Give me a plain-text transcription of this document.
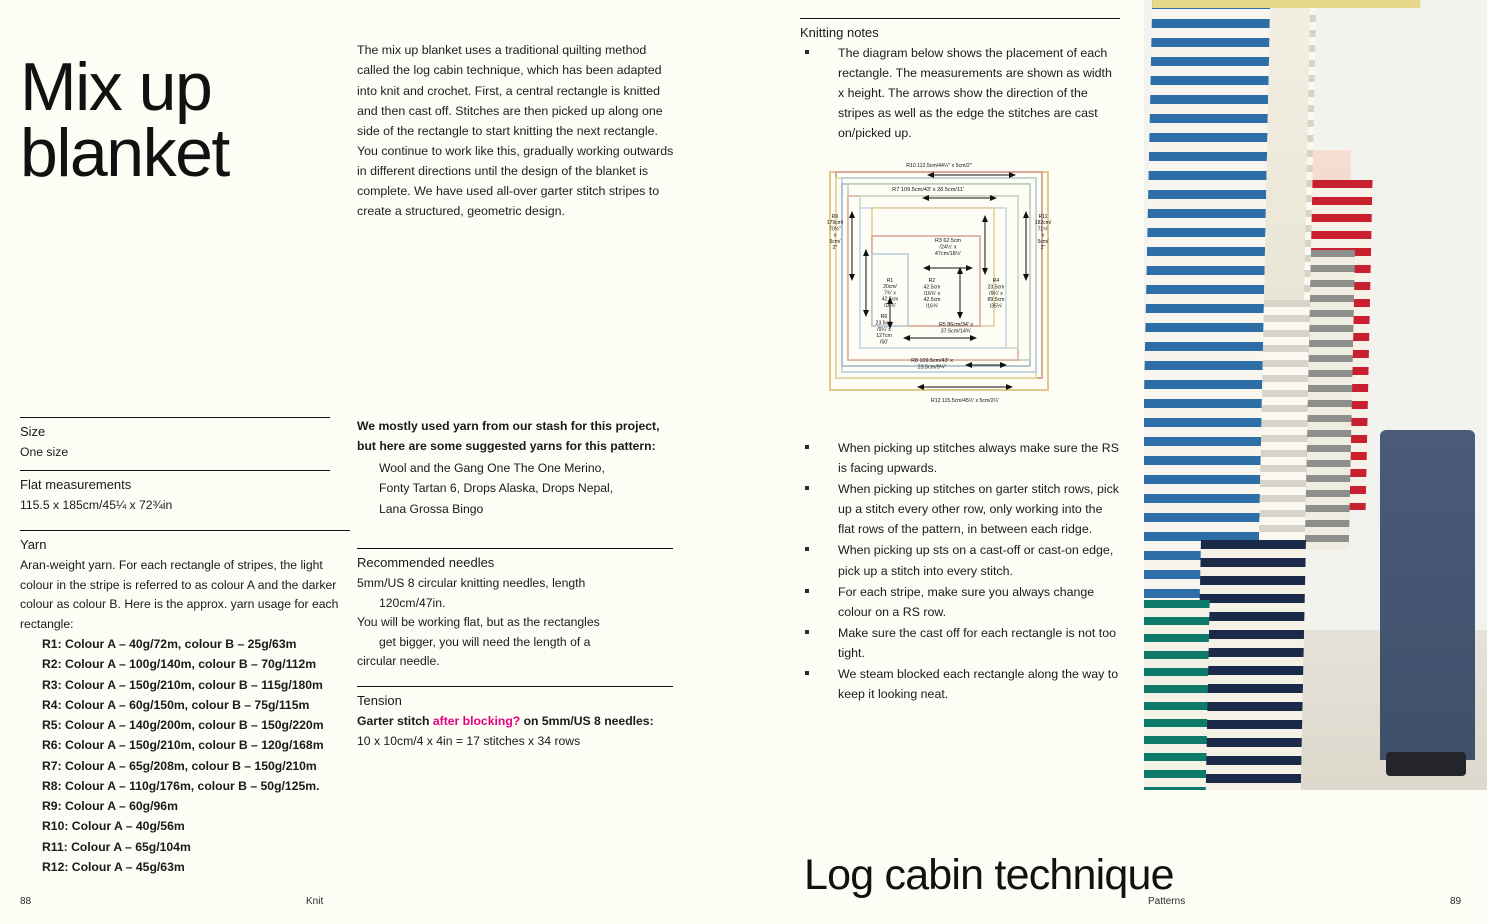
Mix up
blanket

The mix up blanket uses a traditional quilting method called the log cabin technique, which has been adapted into knit and crochet. First, a central rectangle is knitted and then cast off. Stitches are then picked up along one side of the rectangle to start knitting the next rectangle. You continue to work like this, gradually working outwards in different directions until the design of the blanket is complete. We have used all-over garter stitch stripes to create a structured, geometric design.

Size

One size

Flat measurements

115.5 x 185cm/45¼ x 72¾in

Yarn

Aran-weight yarn. For each rectangle of stripes, the light colour in the stripe is referred to as colour A and the darker colour as colour B. Here is the approx. yarn usage for each rectangle:

R1: Colour A – 40g/72m, colour B – 25g/63m
R2: Colour A – 100g/140m, colour B – 70g/112m
R3: Colour A – 150g/210m, colour B – 115g/180m
R4: Colour A – 60g/150m, colour B – 75g/115m
R5: Colour A – 140g/200m, colour B – 150g/220m
R6: Colour A – 150g/210m, colour B – 120g/168m
R7: Colour A – 65g/208m, colour B – 150g/210m
R8: Colour A – 110g/176m, colour B – 50g/125m.
R9: Colour A – 60g/96m
R10: Colour A – 40g/56m
R11: Colour A – 65g/104m
R12: Colour A – 45g/63m

We mostly used yarn from our stash for this project, but here are some suggested yarns for this pattern:

Wool and the Gang One The One Merino,
Fonty Tartan 6, Drops Alaska, Drops Nepal,
Lana Grossa Bingo
Recommended needles

5mm/US 8 circular knitting needles, length

120cm/47in.

You will be working flat, but as the rectangles

get bigger, you will need the length of a

circular needle.

Tension

Garter stitch after blocking? on 5mm/US 8 needles:

10 x 10cm/4 x 4in = 17 stitches x 34 rows

Knitting notes
The diagram below shows the placement of each rectangle. The measurements are shown as width x height. The arrows show the direction of the stripes as well as the edge the stitches are cast on/picked up.
R10 112.5cm/44¼'' x 5cm/2''
R7 109.5cm/43' x 28.5cm/11'
R12 115.5cm/45½' x 5cm/2¼'
R9
179cm/
70½''
x
5cm/
2''
R11
182cm/
71½'
x
5cm/
2''
R3 62.5cm
/24½' x
47cm/18½'
R1
20cm/
7¾' x
42.5cm
/16¾'
R2
42.5cm
/16¾' x
42.5cm
/16¾'
R4
23.5cm
/9¼' x
89.5cm
/35¼'
R6
23.5cm
/9¼' x
127cm
/50'
R5 86cm/34' x
37.5cm/14¾'
R8 109.5cm/43' x
23.5cm/9¼''
When picking up stitches always make sure the RS is facing upwards.
When picking up stitches on garter stitch rows, pick up a stitch every other row, only working into the flat rows of the pattern, in between each ridge.
When picking up sts on a cast-off or cast-on edge, pick up a stitch into every stitch.
For each stripe, make sure you always change colour on a RS row.
Make sure the cast off for each rectangle is not too tight.
We steam blocked each rectangle along the way to keep it looking neat.
Log cabin technique
88	Knit	Patterns	89
